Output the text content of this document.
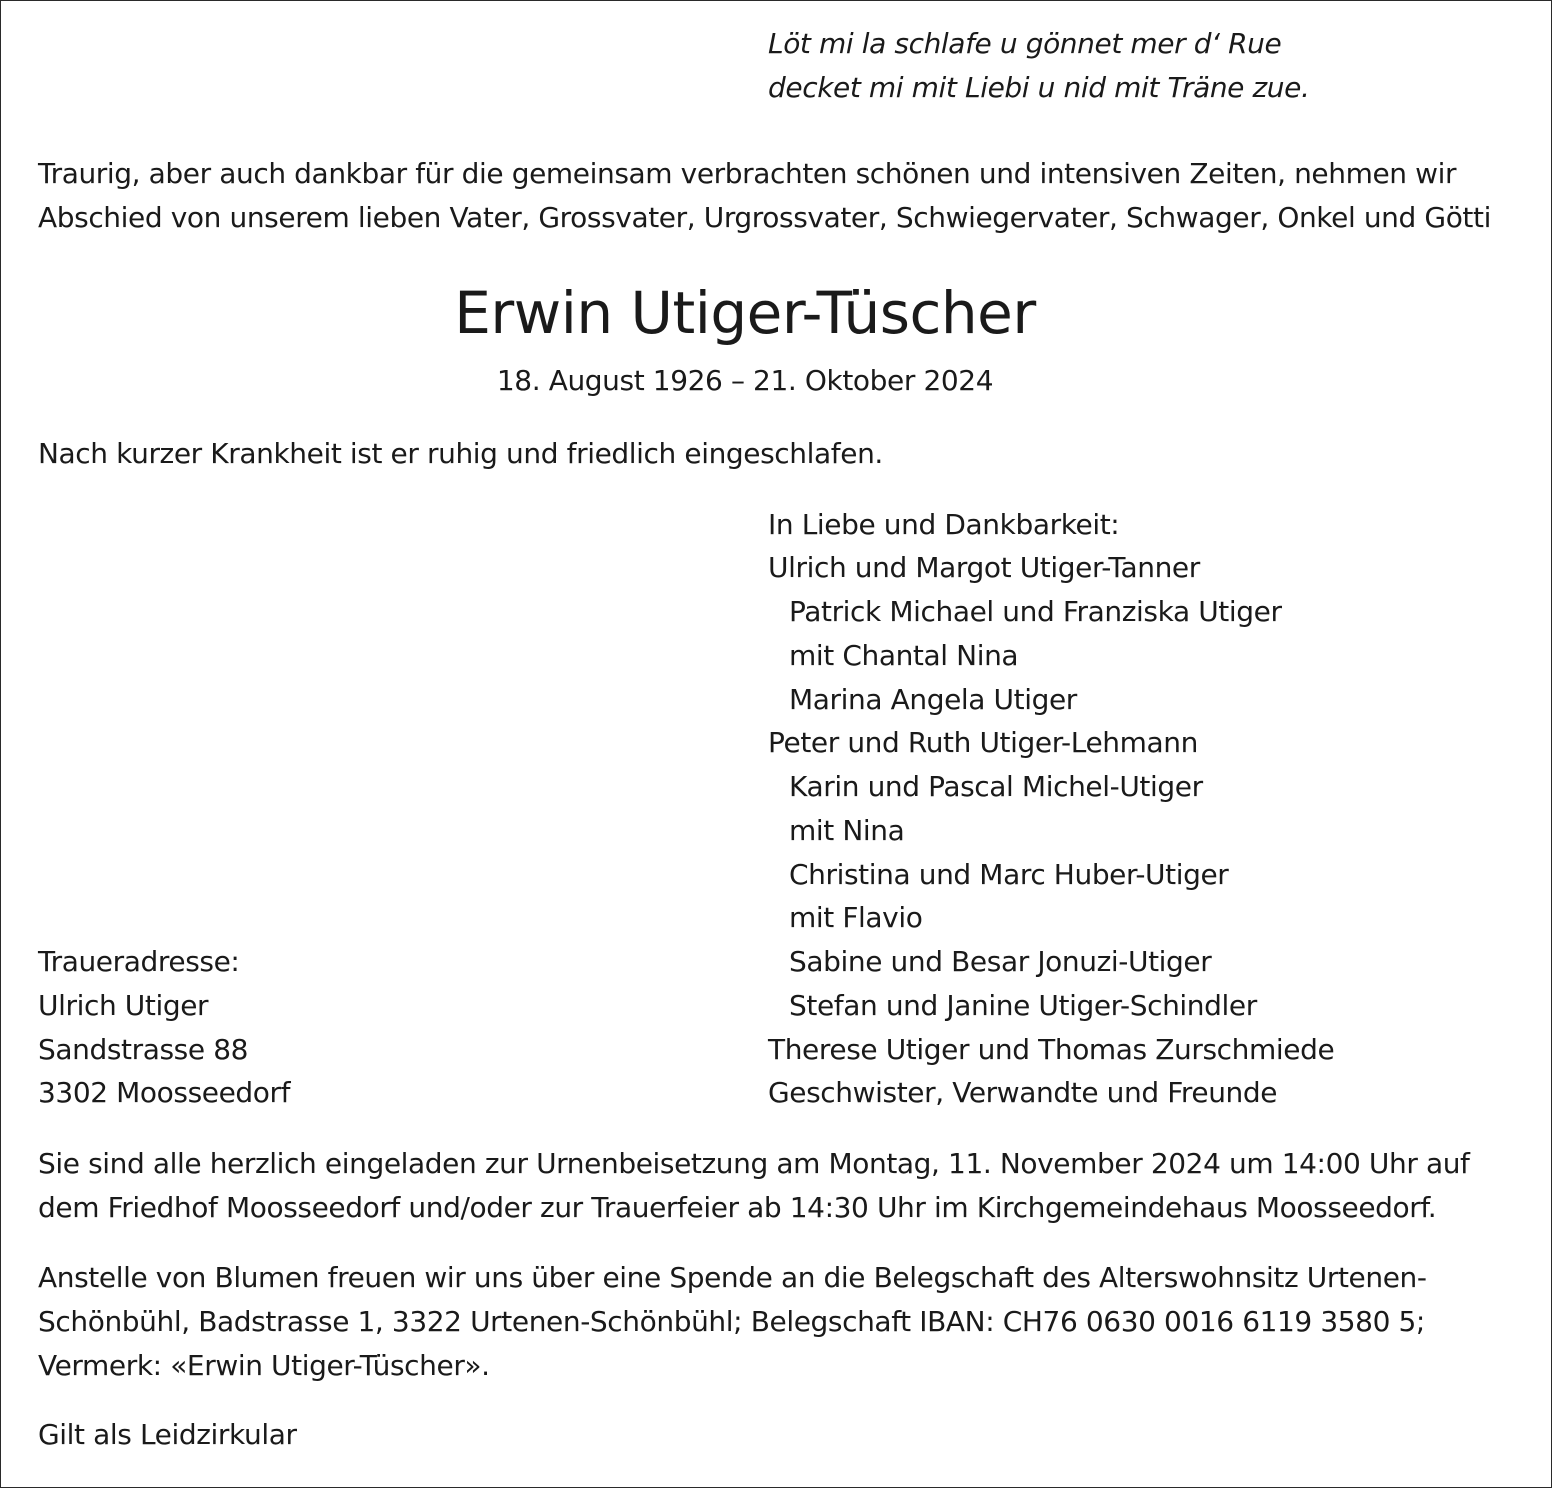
Löt mi la schlafe u gönnet mer d‘ Rue
decket mi mit Liebi u nid mit Träne zue.
Traurig, aber auch dankbar für die gemeinsam verbrachten schönen und intensiven Zeiten, nehmen wir
Abschied von unserem lieben Vater, Grossvater, Urgrossvater, Schwiegervater, Schwager, Onkel und Götti
Erwin Utiger-Tüscher
18. August 1926 – 21. Oktober 2024
Nach kurzer Krankheit ist er ruhig und friedlich eingeschlafen.
In Liebe und Dankbarkeit:
Ulrich und Margot Utiger-Tanner
Patrick Michael und Franziska Utiger
mit Chantal Nina
Marina Angela Utiger
Peter und Ruth Utiger-Lehmann
Karin und Pascal Michel-Utiger
mit Nina
Christina und Marc Huber-Utiger
mit Flavio
Sabine und Besar Jonuzi-Utiger
Stefan und Janine Utiger-Schindler
Therese Utiger und Thomas Zurschmiede
Geschwister, Verwandte und Freunde
Traueradresse:
Ulrich Utiger
Sandstrasse 88
3302 Moosseedorf
Sie sind alle herzlich eingeladen zur Urnenbeisetzung am Montag, 11. November 2024 um 14:00 Uhr auf
dem Friedhof Moosseedorf und/oder zur Trauerfeier ab 14:30 Uhr im Kirchgemeindehaus Moosseedorf.
Anstelle von Blumen freuen wir uns über eine Spende an die Belegschaft des Alterswohnsitz Urtenen-
Schönbühl, Badstrasse 1, 3322 Urtenen-Schönbühl; Belegschaft IBAN: CH76 0630 0016 6119 3580 5;
Vermerk: «Erwin Utiger-Tüscher».
Gilt als Leidzirkular
